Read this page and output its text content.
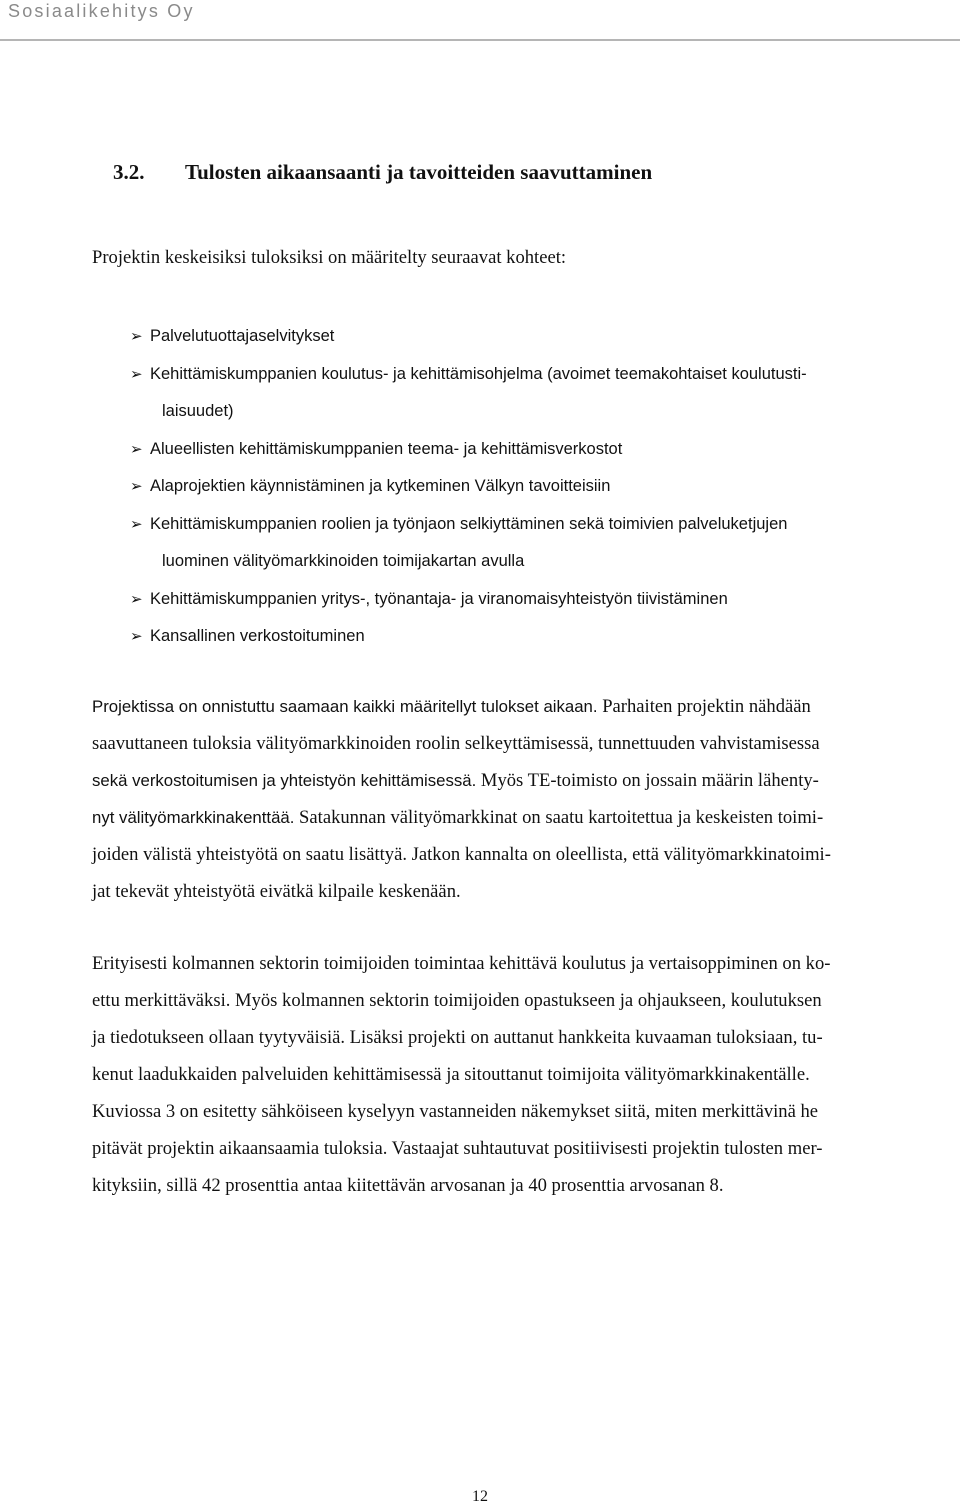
Sosiaalikehitys Oy
3.2. Tulosten aikaansaanti ja tavoitteiden saavuttaminen
Projektin keskeisiksi tuloksiksi on määritelty seuraavat kohteet:
➢ Palvelutuottajaselvitykset
➢ Kehittämiskumppanien koulutus- ja kehittämisohjelma (avoimet teemakohtaiset koulutusti-
laisuudet)
➢ Alueellisten kehittämiskumppanien teema- ja kehittämisverkostot
➢ Alaprojektien käynnistäminen ja kytkeminen Välkyn tavoitteisiin
➢ Kehittämiskumppanien roolien ja työnjaon selkiyttäminen sekä toimivien palveluketjujen
luominen välityömarkkinoiden toimijakartan avulla
➢ Kehittämiskumppanien yritys-, työnantaja- ja viranomaisyhteistyön tiivistäminen
➢ Kansallinen verkostoituminen

Projektissa on onnistuttu saamaan kaikki määritellyt tulokset aikaan. Parhaiten projektin nähdään
saavuttaneen tuloksia välityömarkkinoiden roolin selkeyttämisessä, tunnettuuden vahvistamisessa
sekä verkostoitumisen ja yhteistyön kehittämisessä. Myös TE-toimisto on jossain määrin lähenty-
nyt välityömarkkinakenttää. Satakunnan välityömarkkinat on saatu kartoitettua ja keskeisten toimi-
joiden välistä yhteistyötä on saatu lisättyä. Jatkon kannalta on oleellista, että välityömarkkinatoimi-
jat tekevät yhteistyötä eivätkä kilpaile keskenään.

Erityisesti kolmannen sektorin toimijoiden toimintaa kehittävä koulutus ja vertaisoppiminen on ko-
ettu merkittäväksi. Myös kolmannen sektorin toimijoiden opastukseen ja ohjaukseen, koulutuksen
ja tiedotukseen ollaan tyytyväisiä. Lisäksi projekti on auttanut hankkeita kuvaaman tuloksiaan, tu-
kenut laadukkaiden palveluiden kehittämisessä ja sitouttanut toimijoita välityömarkkinakentälle.
Kuviossa 3 on esitetty sähköiseen kyselyyn vastanneiden näkemykset siitä, miten merkittävinä he
pitävät projektin aikaansaamia tuloksia. Vastaajat suhtautuvat positiivisesti projektin tulosten mer-
kityksiin, sillä 42 prosenttia antaa kiitettävän arvosanan ja 40 prosenttia arvosanan 8.

12
